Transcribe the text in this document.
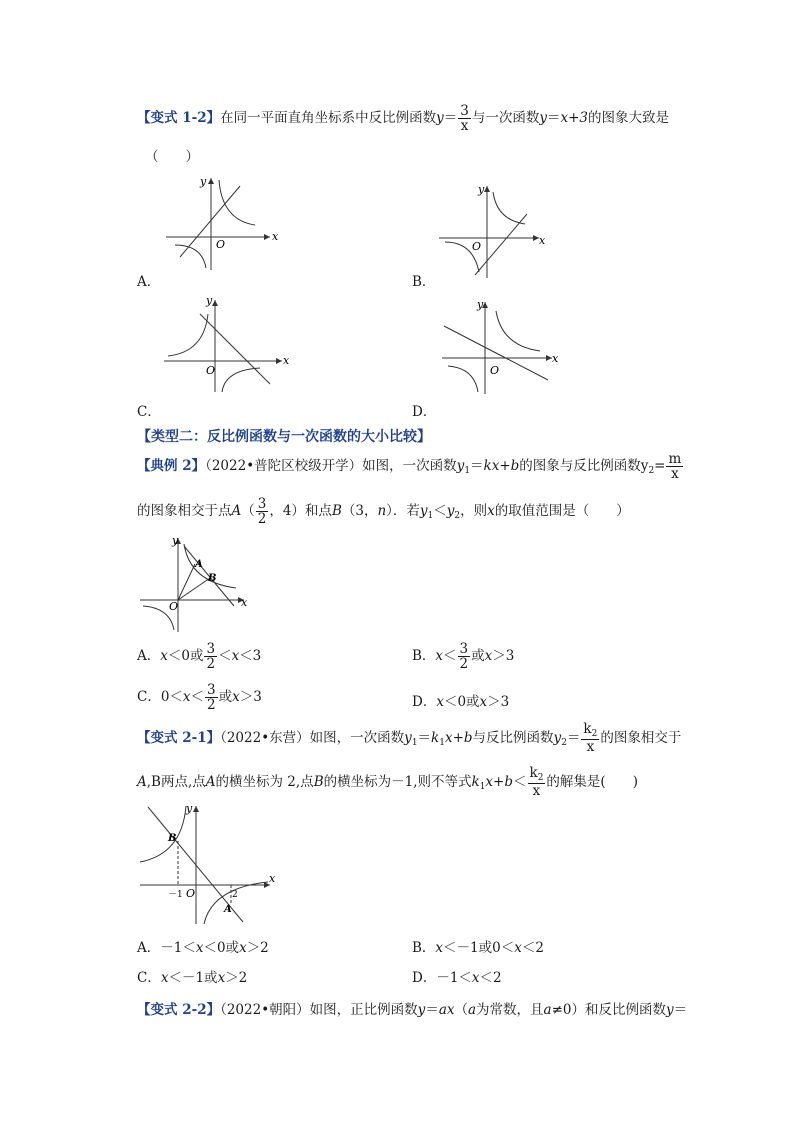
【变式 1-2】在同一平面直角坐标系中反比例函数$y= \frac{3}{x}$ 与一次函数y＝x+3的图象大致是
（　　）
x
y
O
A．
x
y
O
B．
x
y
O
C．
x
y
O
D．
【类型二：反比例函数与一次函数的大小比较】
【典例 2】（2022•普陀区校级开学）如图，一次函数$y_1=kx+b$的图象与反比例函数$y_2= \frac{m}{x}$
的图象相交于点$A( \frac{3}{2}$ ，4）和点B（3，n）．若$y_1<y_2$，则x的取值范围是（　　）
A
B
x
y
O
A．x＜0或 $\frac{3}{2} <x<3$	B．$x< \frac{3}{2}$ 或x＞3
C．$0<x< \frac{3}{2}$ 或x＞3	D．x＜0或x＞3
【变式 2-1】（2022•东营）如图，一次函数$y_1=k_1x+b$与反比例函数$y_2= \frac{k_2}{x}$ 的图象相交于
A,B两点,点A的横坐标为 2,点B的横坐标为－1,则不等式$k_1x+b< \frac{k_2}{x}$ 的解集是(　　)
B
A
－1 O	2
x
y
A．－1＜x＜0或x＞2	B．x＜－1或0＜x＜2
C．x＜－1或x＞2	D．－1＜x＜2
【变式 2-2】（2022•朝阳）如图，正比例函数y＝ax（a为常数，且a≠0）和反比例函数y＝
